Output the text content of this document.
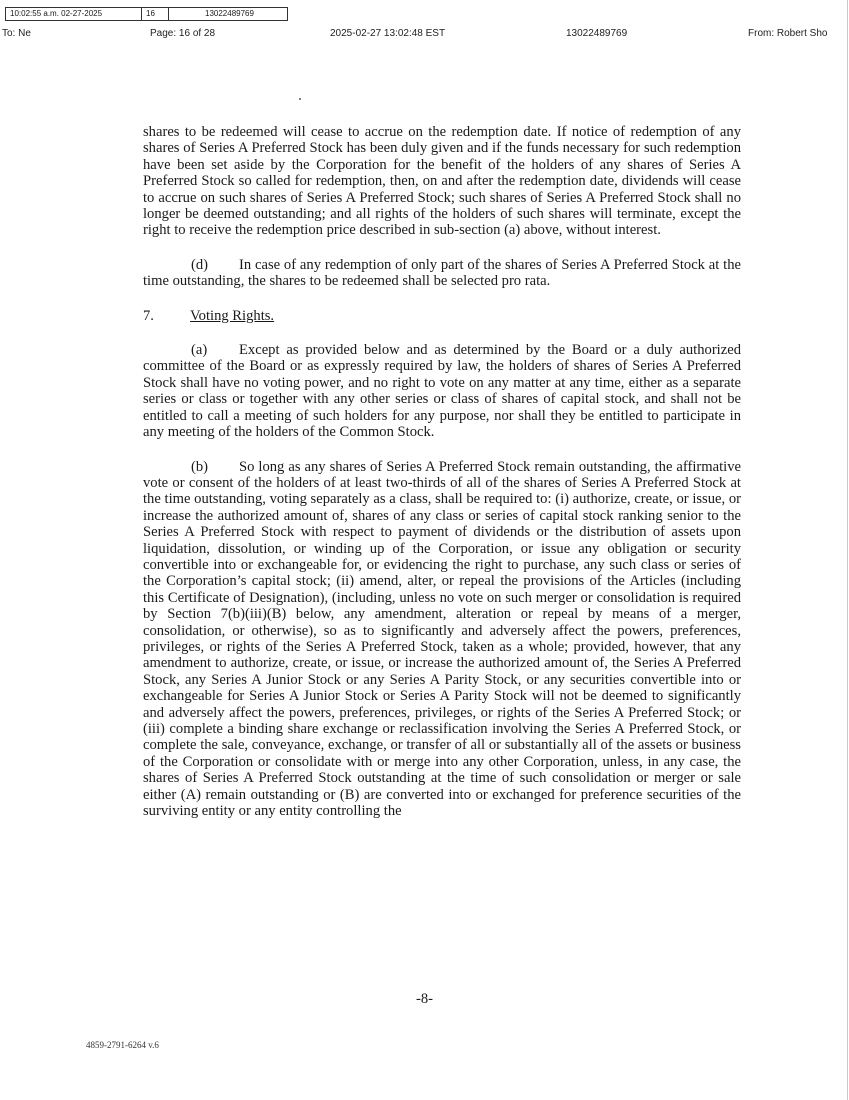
10:02:55 a.m. 02-27-2025	16	13022489769
To: Ne	Page: 16 of 28	2025-02-27 13:02:48 EST	13022489769	From: Robert Sho

shares to be redeemed will cease to accrue on the redemption date. If notice of redemption of any shares of Series A Preferred Stock has been duly given and if the funds necessary for such redemption have been set aside by the Corporation for the benefit of the holders of any shares of Series A Preferred Stock so called for redemption, then, on and after the redemption date, dividends will cease to accrue on such shares of Series A Preferred Stock; such shares of Series A Preferred Stock shall no longer be deemed outstanding; and all rights of the holders of such shares will terminate, except the right to receive the redemption price described in sub-section (a) above, without interest.

(d) In case of any redemption of only part of the shares of Series A Preferred Stock at the time outstanding, the shares to be redeemed shall be selected pro rata.

7. Voting Rights.

(a) Except as provided below and as determined by the Board or a duly authorized committee of the Board or as expressly required by law, the holders of shares of Series A Preferred Stock shall have no voting power, and no right to vote on any matter at any time, either as a separate series or class or together with any other series or class of shares of capital stock, and shall not be entitled to call a meeting of such holders for any purpose, nor shall they be entitled to participate in any meeting of the holders of the Common Stock.

(b) So long as any shares of Series A Preferred Stock remain outstanding, the affirmative vote or consent of the holders of at least two-thirds of all of the shares of Series A Preferred Stock at the time outstanding, voting separately as a class, shall be required to: (i) authorize, create, or issue, or increase the authorized amount of, shares of any class or series of capital stock ranking senior to the Series A Preferred Stock with respect to payment of dividends or the distribution of assets upon liquidation, dissolution, or winding up of the Corporation, or issue any obligation or security convertible into or exchangeable for, or evidencing the right to purchase, any such class or series of the Corporation’s capital stock; (ii) amend, alter, or repeal the provisions of the Articles (including this Certificate of Designation), (including, unless no vote on such merger or consolidation is required by Section 7(b)(iii)(B) below, any amendment, alteration or repeal by means of a merger, consolidation, or otherwise), so as to significantly and adversely affect the powers, preferences, privileges, or rights of the Series A Preferred Stock, taken as a whole; provided, however, that any amendment to authorize, create, or issue, or increase the authorized amount of, the Series A Preferred Stock, any Series A Junior Stock or any Series A Parity Stock, or any securities convertible into or exchangeable for Series A Junior Stock or Series A Parity Stock will not be deemed to significantly and adversely affect the powers, preferences, privileges, or rights of the Series A Preferred Stock; or (iii) complete a binding share exchange or reclassification involving the Series A Preferred Stock, or complete the sale, conveyance, exchange, or transfer of all or substantially all of the assets or business of the Corporation or consolidate with or merge into any other Corporation, unless, in any case, the shares of Series A Preferred Stock outstanding at the time of such consolidation or merger or sale either (A) remain outstanding or (B) are converted into or exchanged for preference securities of the surviving entity or any entity controlling the

-8-
4859-2791-6264 v.6
